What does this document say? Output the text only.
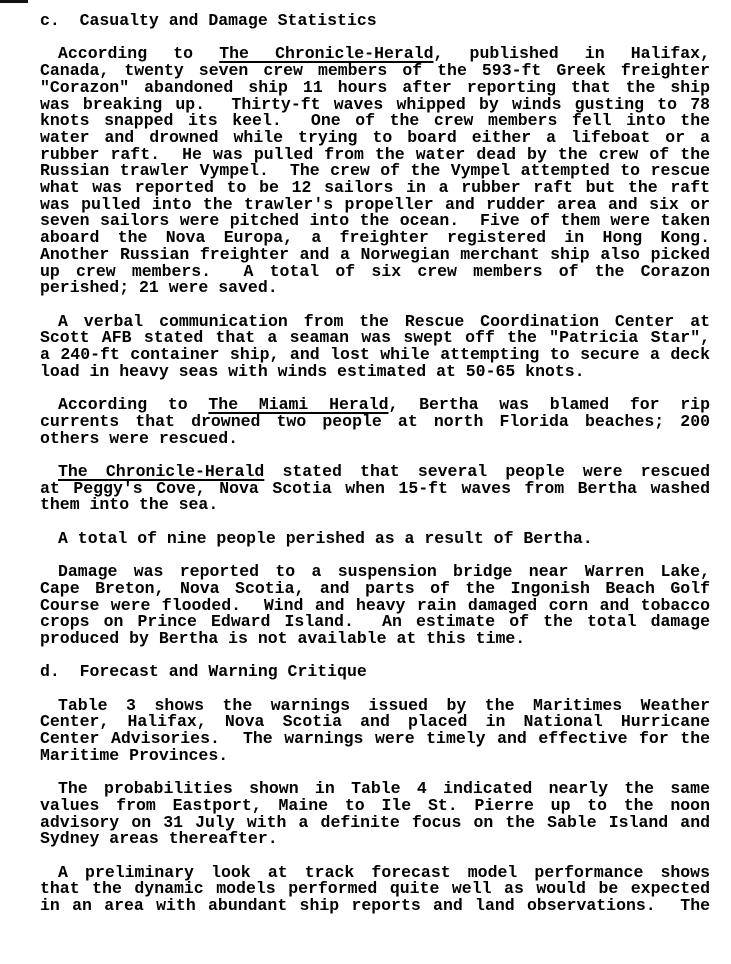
c.  Casualty and Damage Statistics
According to The Chronicle-Herald, published in Halifax,
Canada, twenty seven crew members of the 593-ft Greek freighter
"Corazon" abandoned ship 11 hours after reporting that the ship
was breaking up.  Thirty-ft waves whipped by winds gusting to 78
knots snapped its keel.  One of the crew members fell into the
water and drowned while trying to board either a lifeboat or a
rubber raft.  He was pulled from the water dead by the crew of the
Russian trawler Vympel.  The crew of the Vympel attempted to rescue
what was reported to be 12 sailors in a rubber raft but the raft
was pulled into the trawler's propeller and rudder area and six or
seven sailors were pitched into the ocean.  Five of them were taken
aboard the Nova Europa, a freighter registered in Hong Kong.
Another Russian freighter and a Norwegian merchant ship also picked
up crew members.  A total of six crew members of the Corazon
perished; 21 were saved.
A verbal communication from the Rescue Coordination Center at
Scott AFB stated that a seaman was swept off the "Patricia Star",
a 240-ft container ship, and lost while attempting to secure a deck
load in heavy seas with winds estimated at 50-65 knots.
According to The Miami Herald, Bertha was blamed for rip
currents that drowned two people at north Florida beaches; 200
others were rescued.
The Chronicle-Herald stated that several people were rescued
at Peggy's Cove, Nova Scotia when 15-ft waves from Bertha washed
them into the sea.
A total of nine people perished as a result of Bertha.
Damage was reported to a suspension bridge near Warren Lake,
Cape Breton, Nova Scotia, and parts of the Ingonish Beach Golf
Course were flooded.  Wind and heavy rain damaged corn and tobacco
crops on Prince Edward Island.  An estimate of the total damage
produced by Bertha is not available at this time.
d.  Forecast and Warning Critique
Table 3 shows the warnings issued by the Maritimes Weather
Center, Halifax, Nova Scotia and placed in National Hurricane
Center Advisories.  The warnings were timely and effective for the
Maritime Provinces.
The probabilities shown in Table 4 indicated nearly the same
values from Eastport, Maine to Ile St. Pierre up to the noon
advisory on 31 July with a definite focus on the Sable Island and
Sydney areas thereafter.
A preliminary look at track forecast model performance shows
that the dynamic models performed quite well as would be expected
in an area with abundant ship reports and land observations.  The
